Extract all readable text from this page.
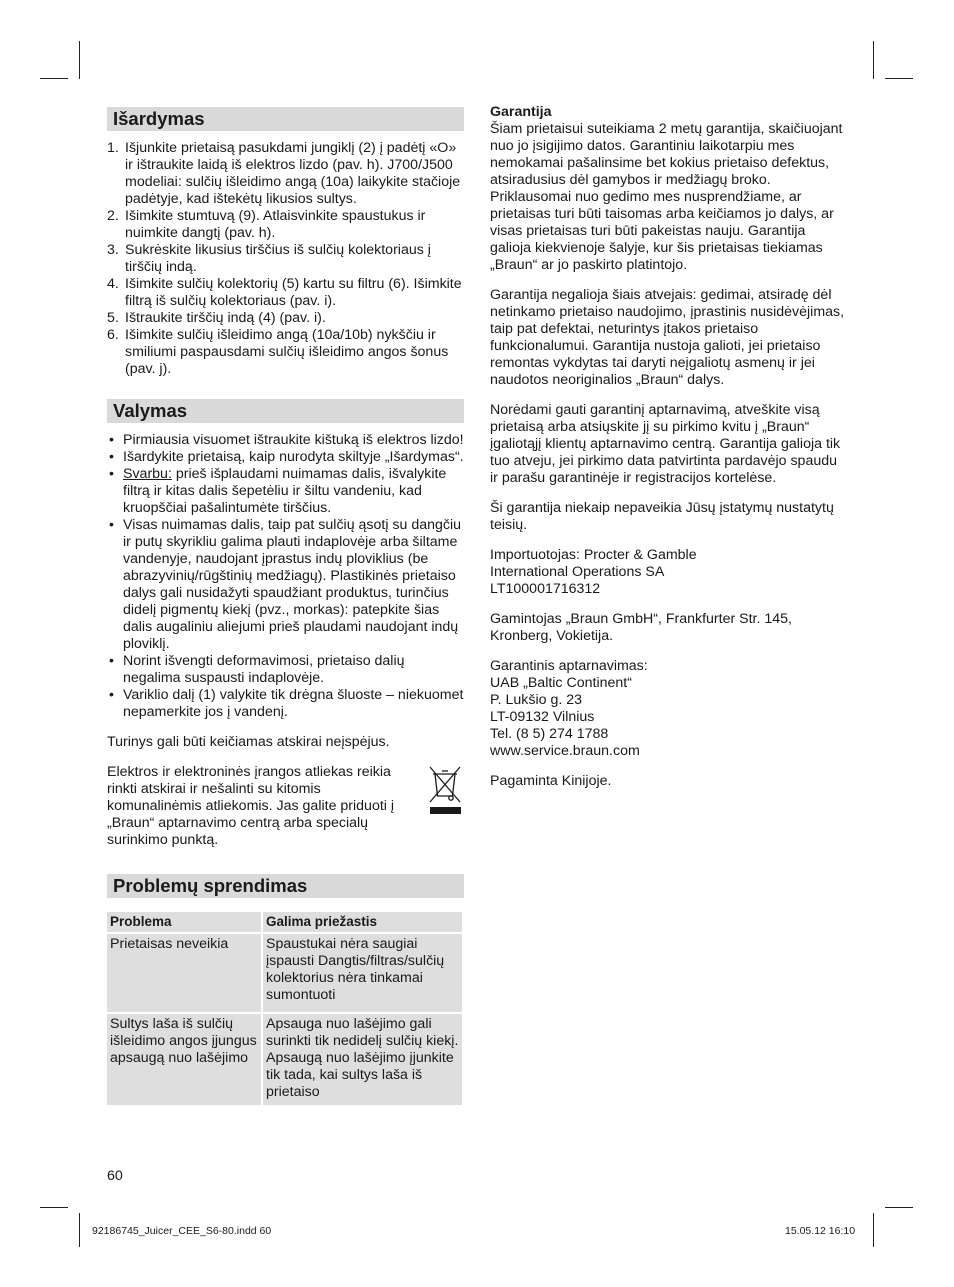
Išardymas
1. Išjunkite prietaisą pasukdami jungiklį (2) į padėtį «O» ir ištraukite laidą iš elektros lizdo (pav. h). J700/J500 modeliai: sulčių išleidimo angą (10a) laikykite stačioje padėtyje, kad ištekėtų likusios sultys.
2. Išimkite stumtuvą (9). Atlaisvinkite spaustukus ir nuimkite dangtį (pav. h).
3. Sukrėskite likusius tirščius iš sulčių kolektoriaus į tirščių indą.
4. Išimkite sulčių kolektorių (5) kartu su filtru (6). Išimkite filtrą iš sulčių kolektoriaus (pav. i).
5. Ištraukite tirščių indą (4) (pav. i).
6. Išimkite sulčių išleidimo angą (10a/10b) nykščiu ir smiliumi paspausdami sulčių išleidimo angos šonus (pav. j).
Valymas
• Pirmiausia visuomet ištraukite kištuką iš elektros lizdo!
• Išardykite prietaisą, kaip nurodyta skiltyje „Išardymas“.
• Svarbu: prieš išplaudami nuimamas dalis, išvalykite filtrą ir kitas dalis šepetėliu ir šiltu vandeniu, kad kruopščiai pašalintumėte tirščius.
• Visas nuimamas dalis, taip pat sulčių ąsotį su dangčiu ir putų skyrikliu galima plauti indaplovėje arba šiltame vandenyje, naudojant įprastus indų ploviklius (be abrazyvinių/rūgštinių medžiagų). Plastikinės prietaiso dalys gali nusidažyti spaudžiant produktus, turinčius didelį pigmentų kiekį (pvz., morkas): patepkite šias dalis augaliniu aliejumi prieš plaudami naudojant indų ploviklį.
• Norint išvengti deformavimosi, prietaiso dalių negalima suspausti indaplovėje.
• Variklio dalį (1) valykite tik drėgna šluoste – niekuomet nepamerkite jos į vandenį.

Turinys gali būti keičiamas atskirai neįspėjus.

Elektros ir elektroninės įrangos atliekas reikia rinkti atskirai ir nešalinti su kitomis komunalinėmis atliekomis. Jas galite priduoti į „Braun“ aptarnavimo centrą arba specialų surinkimo punktą.

Problemų sprendimas
Problema	Galima priežastis
Prietaisas neveikia	Spaustukai nėra saugiai įspausti Dangtis/filtras/sulčių kolektorius nėra tinkamai sumontuoti
Sultys laša iš sulčių išleidimo angos įjungus apsaugą nuo lašėjimo	Apsauga nuo lašėjimo gali surinkti tik nedidelį sulčių kiekį. Apsaugą nuo lašėjimo įjunkite tik tada, kai sultys laša iš prietaiso

Garantija

Šiam prietaisui suteikiama 2 metų garantija, skaičiuojant nuo jo įsigijimo datos. Garantiniu laikotarpiu mes nemokamai pašalinsime bet kokius prietaiso defektus, atsiradusius dėl gamybos ir medžiagų broko. Priklausomai nuo gedimo mes nusprendžiame, ar prietaisas turi būti taisomas arba keičiamos jo dalys, ar visas prietaisas turi būti pakeistas nauju. Garantija galioja kiekvienoje šalyje, kur šis prietaisas tiekiamas „Braun“ ar jo paskirto platintojo.

Garantija negalioja šiais atvejais: gedimai, atsiradę dėl netinkamo prietaiso naudojimo, įprastinis nusidėvėjimas, taip pat defektai, neturintys įtakos prietaiso funkcionalumui. Garantija nustoja galioti, jei prietaiso remontas vykdytas tai daryti neįgaliotų asmenų ir jei naudotos neoriginalios „Braun“ dalys.

Norėdami gauti garantinį aptarnavimą, atveškite visą prietaisą arba atsiųskite jį su pirkimo kvitu į „Braun“ įgaliotąjį klientų aptarnavimo centrą. Garantija galioja tik tuo atveju, jei pirkimo data patvirtinta pardavėjo spaudu ir parašu garantinėje ir registracijos kortelėse.

Ši garantija niekaip nepaveikia Jūsų įstatymų nustatytų teisių.

Importuotojas: Procter & Gamble

International Operations SA

LT100001716312

Gamintojas „Braun GmbH“, Frankfurter Str. 145, Kronberg, Vokietija.

Garantinis aptarnavimas:

UAB „Baltic Continent“

P. Lukšio g. 23

LT-09132 Vilnius

Tel. (8 5) 274 1788

www.service.braun.com

Pagaminta Kinijoje.

60
92186745_Juicer_CEE_S6-80.indd 60	15.05.12 16:10
